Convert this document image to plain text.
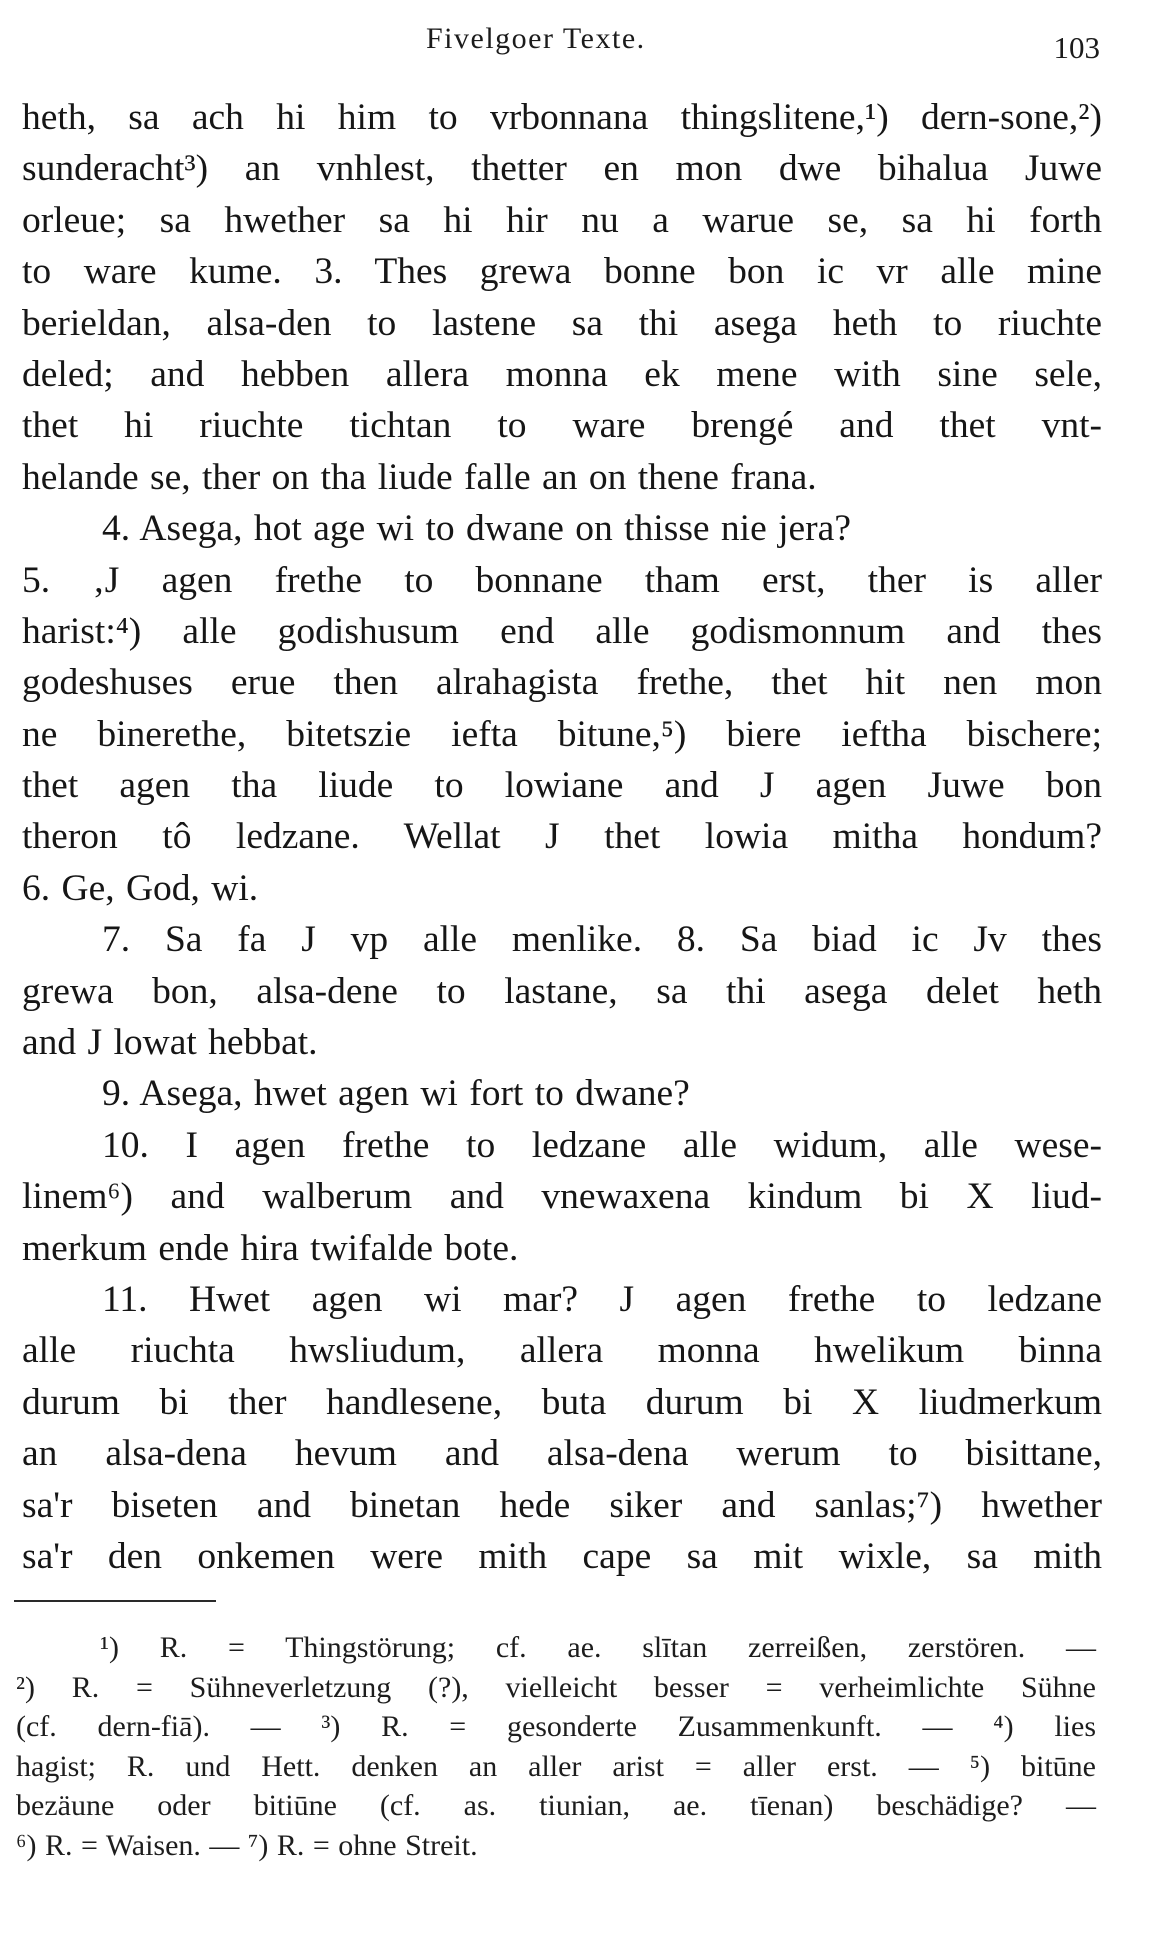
Fivelgoer Texte.	103
heth, sa ach hi him to vrbonnana thingslitene,¹) dern-sone,²)
sunderacht³) an vnhlest, thetter en mon dwe bihalua Juwe
orleue; sa hwether sa hi hir nu a warue se, sa hi forth
to ware kume. 3. Thes grewa bonne bon ic vr alle mine
berieldan, alsa-den to lastene sa thi asega heth to riuchte
deled; and hebben allera monna ek mene with sine sele,
thet hi riuchte tichtan to ware brengé and thet vnt-
helande se, ther on tha liude falle an on thene frana.
4. Asega, hot age wi to dwane on thisse nie jera?
5. ‚J agen frethe to bonnane tham erst, ther is aller
harist:⁴) alle godishusum end alle godismonnum and thes
godeshuses erue then alrahagista frethe, thet hit nen mon
ne binerethe, bitetszie iefta bitune,⁵) biere ieftha bischere;
thet agen tha liude to lowiane and J agen Juwe bon
theron tô ledzane. Wellat J thet lowia mitha hondum?
6. Ge, God, wi.
7. Sa fa J vp alle menlike. 8. Sa biad ic Jv thes
grewa bon, alsa-dene to lastane, sa thi asega delet heth
and J lowat hebbat.
9. Asega, hwet agen wi fort to dwane?
10. I agen frethe to ledzane alle widum, alle wese-
linem⁶) and walberum and vnewaxena kindum bi X liud-
merkum ende hira twifalde bote.
11. Hwet agen wi mar? J agen frethe to ledzane
alle riuchta hwsliudum, allera monna hwelikum binna
durum bi ther handlesene, buta durum bi X liudmerkum
an alsa-dena hevum and alsa-dena werum to bisittane,
sa'r biseten and binetan hede siker and sanlas;⁷) hwether
sa'r den onkemen were mith cape sa mit wixle, sa mith
¹) R. = Thingstörung; cf. ae. slītan zerreißen, zerstören. —
²) R. = Sühneverletzung (?), vielleicht besser = verheimlichte Sühne
(cf. dern-fiā). — ³) R. = gesonderte Zusammenkunft. — ⁴) lies
hagist; R. und Hett. denken an aller arist = aller erst. — ⁵) bitūne
bezäune oder bitiūne (cf. as. tiunian, ae. tīenan) beschädige? —
⁶) R. = Waisen. — ⁷) R. = ohne Streit.
